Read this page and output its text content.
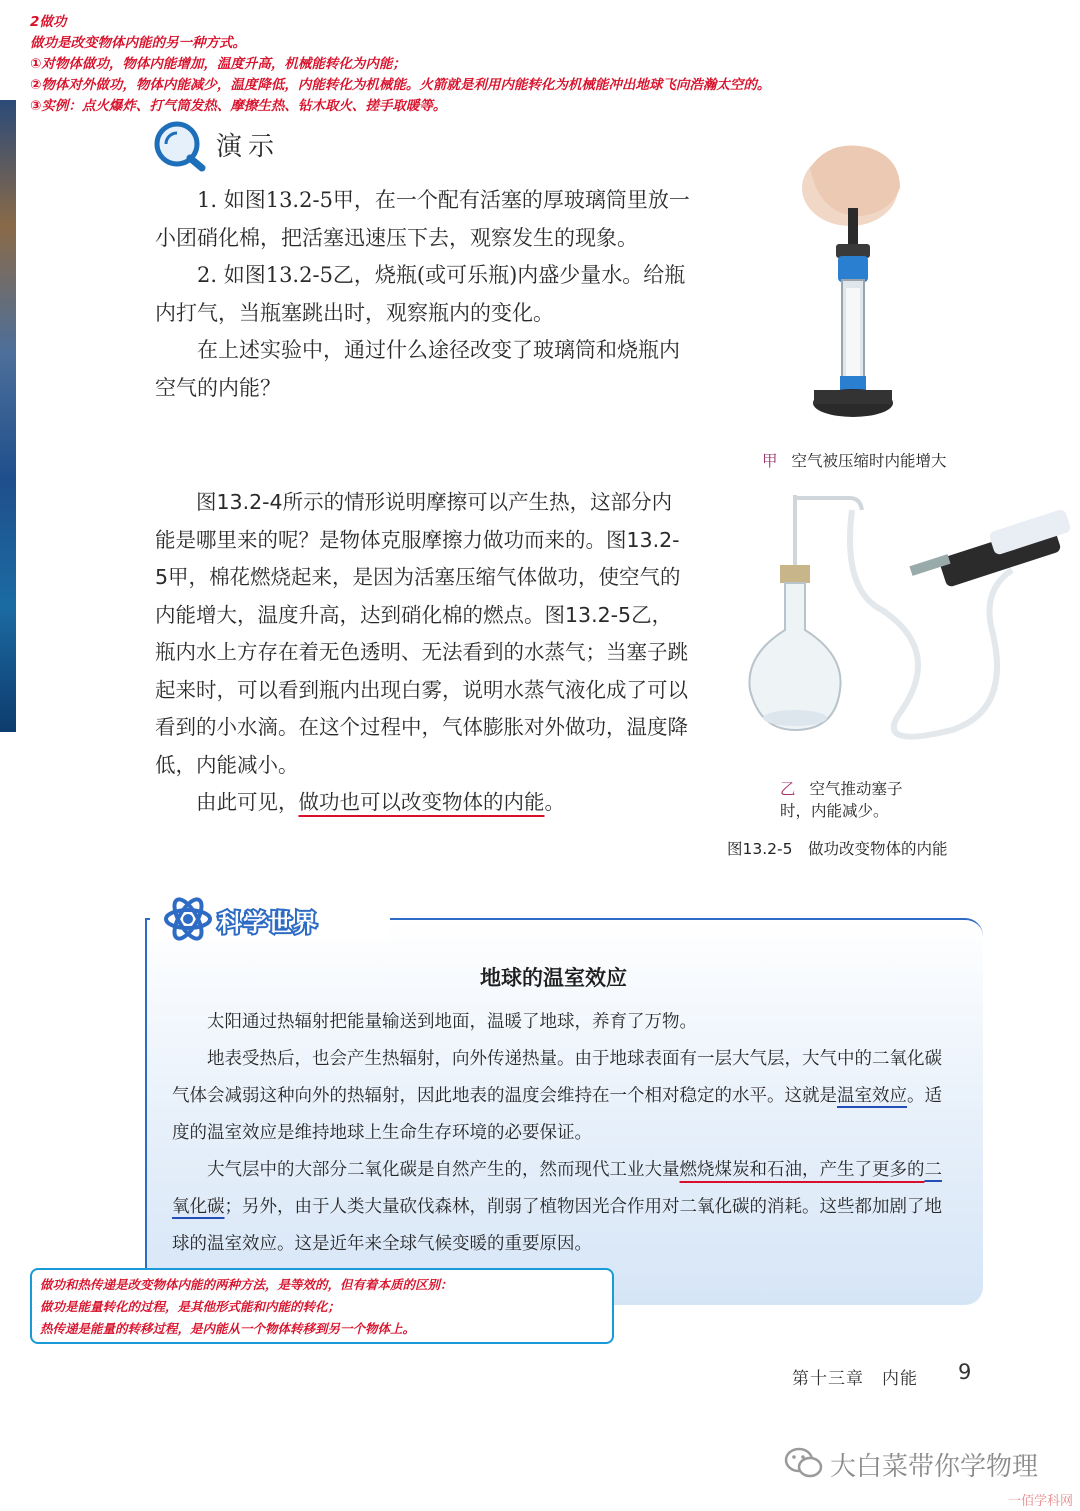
2做功
做功是改变物体内能的另一种方式。
①对物体做功，物体内能增加，温度升高，机械能转化为内能；
②物体对外做功，物体内能减少，温度降低，内能转化为机械能。火箭就是利用内能转化为机械能冲出地球飞向浩瀚太空的。
③实例：点火爆炸、打气筒发热、摩擦生热、钻木取火、搓手取暖等。
演示
1. 如图13.2-5甲，在一个配有活塞的厚玻璃筒里放一小团硝化棉，把活塞迅速压下去，观察发生的现象。
2. 如图13.2-5乙，烧瓶(或可乐瓶)内盛少量水。给瓶内打气，当瓶塞跳出时，观察瓶内的变化。
在上述实验中，通过什么途径改变了玻璃筒和烧瓶内空气的内能？
图13.2-4所示的情形说明摩擦可以产生热，这部分内能是哪里来的呢？是物体克服摩擦力做功而来的。图13.2-5甲，棉花燃烧起来，是因为活塞压缩气体做功，使空气的内能增大，温度升高，达到硝化棉的燃点。图13.2-5乙，瓶内水上方存在着无色透明、无法看到的水蒸气；当塞子跳起来时，可以看到瓶内出现白雾，说明水蒸气液化成了可以看到的小水滴。在这个过程中，气体膨胀对外做功，温度降低，内能减小。
由此可见，做功也可以改变物体的内能。
甲 空气被压缩时内能增大
乙 空气推动塞子
时，内能减少。
图13.2-5　做功改变物体的内能
科学世界
地球的温室效应
太阳通过热辐射把能量输送到地面，温暖了地球，养育了万物。
地表受热后，也会产生热辐射，向外传递热量。由于地球表面有一层大气层，大气中的二氧化碳气体会减弱这种向外的热辐射，因此地表的温度会维持在一个相对稳定的水平。这就是温室效应。适度的温室效应是维持地球上生命生存环境的必要保证。
大气层中的大部分二氧化碳是自然产生的，然而现代工业大量燃烧煤炭和石油，产生了更多的二氧化碳；另外，由于人类大量砍伐森林，削弱了植物因光合作用对二氧化碳的消耗。这些都加剧了地球的温室效应。这是近年来全球气候变暖的重要原因。
做功和热传递是改变物体内能的两种方法，是等效的，但有着本质的区别：
做功是能量转化的过程，是其他形式能和内能的转化；
热传递是能量的转移过程，是内能从一个物体转移到另一个物体上。
第十三章　内能 9
大白菜带你学物理
一佰学科网
